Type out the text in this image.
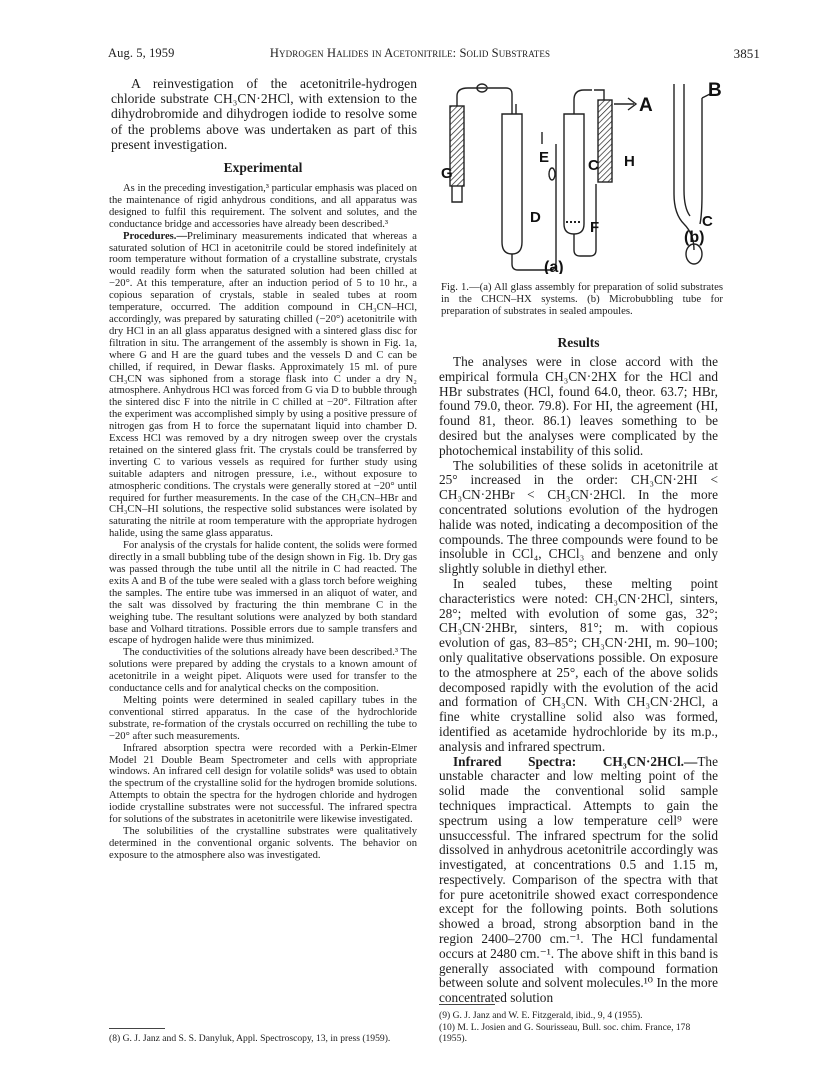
Aug. 5, 1959	Hydrogen Halides in Acetonitrile: Solid Substrates	3851

A reinvestigation of the acetonitrile-hydrogen chloride substrate CH₃CN·2HCl, with extension to the dihydrobromide and dihydrogen iodide to resolve some of the problems above was undertaken as part of this present investigation.

Experimental

As in the preceding investigation,³ particular emphasis was placed on the maintenance of rigid anhydrous conditions, and all apparatus was designed to fulfil this requirement. The solvent and solutes, and the conductance bridge and accessories have already been described.³

Procedures.—Preliminary measurements indicated that whereas a saturated solution of HCl in acetonitrile could be stored indefinitely at room temperature without formation of a crystalline substrate, crystals would readily form when the saturated solution had been chilled at −20°. At this temperature, after an induction period of 5 to 10 hr., a copious separation of crystals, stable in sealed tubes at room temperature, occurred. The addition compound in CH₃CN–HCl, accordingly, was prepared by saturating chilled (−20°) acetonitrile with dry HCl in an all glass apparatus designed with a sintered glass disc for filtration in situ. The arrangement of the assembly is shown in Fig. 1a, where G and H are the guard tubes and the vessels D and C can be chilled, if required, in Dewar flasks. Approximately 15 ml. of pure CH₃CN was siphoned from a storage flask into C under a dry N₂ atmosphere. Anhydrous HCl was forced from G via D to bubble through the sintered disc F into the nitrile in C chilled at −20°. Filtration after the experiment was accomplished simply by using a positive pressure of nitrogen gas from H to force the supernatant liquid into chamber D. Excess HCl was removed by a dry nitrogen sweep over the crystals retained on the sintered glass frit. The crystals could be transferred by inverting C to various vessels as required for further study using suitable adapters and nitrogen pressure, i.e., without exposure to atmospheric conditions. The crystals were generally stored at −20° until required for further measurements. In the case of the CH₃CN–HBr and CH₃CN–HI solutions, the respective solid substances were isolated by saturating the nitrile at room temperature with the appropriate hydrogen halide, using the same glass apparatus.

For analysis of the crystals for halide content, the solids were formed directly in a small bubbling tube of the design shown in Fig. 1b. Dry gas was passed through the tube until all the nitrile in C had reacted. The exits A and B of the tube were sealed with a glass torch before weighing the samples. The entire tube was immersed in an aliquot of water, and the salt was dissolved by fracturing the thin membrane C in the weighing tube. The resultant solutions were analyzed by both standard base and Volhard titrations. Possible errors due to sample transfers and escape of hydrogen halide were thus minimized.

The conductivities of the solutions already have been described.³ The solutions were prepared by adding the crystals to a known amount of acetonitrile in a weight pipet. Aliquots were used for transfer to the conductance cells and for analytical checks on the composition.

Melting points were determined in sealed capillary tubes in the conventional stirred apparatus. In the case of the hydrochloride substrate, re-formation of the crystals occurred on rechilling the tube to −20° after such measurements.

Infrared absorption spectra were recorded with a Perkin-Elmer Model 21 Double Beam Spectrometer and cells with appropriate windows. An infrared cell design for volatile solids⁸ was used to obtain the spectrum of the crystalline solid for the hydrogen bromide solutions. Attempts to obtain the spectra for the hydrogen chloride and hydrogen iodide crystalline substrates were not successful. The infrared spectra for solutions of the substrates in acetonitrile were likewise investigated.

The solubilities of the crystalline substrates were qualitatively determined in the conventional organic solvents. The behavior on exposure to the atmosphere also was investigated.

G
D
E	C
F
H
A
B
C
(a)
(b)
Fig. 1.—(a) All glass assembly for preparation of solid substrates in the CHCN–HX systems. (b) Microbubbling tube for preparation of substrates in sealed ampoules.
Results

The analyses were in close accord with the empirical formula CH₃CN·2HX for the HCl and HBr substrates (HCl, found 64.0, theor. 63.7; HBr, found 79.0, theor. 79.8). For HI, the agreement (HI, found 81, theor. 86.1) leaves something to be desired but the analyses were complicated by the photochemical instability of this solid.

The solubilities of these solids in acetonitrile at 25° increased in the order: CH₃CN·2HI < CH₃CN·2HBr < CH₃CN·2HCl. In the more concentrated solutions evolution of the hydrogen halide was noted, indicating a decomposition of the compounds. The three compounds were found to be insoluble in CCl₄, CHCl₃ and benzene and only slightly soluble in diethyl ether.

In sealed tubes, these melting point characteristics were noted: CH₃CN·2HCl, sinters, 28°; melted with evolution of some gas, 32°; CH₃CN·2HBr, sinters, 81°; m. with copious evolution of gas, 83–85°; CH₃CN·2HI, m. 90–100; only qualitative observations possible. On exposure to the atmosphere at 25°, each of the above solids decomposed rapidly with the evolution of the acid and formation of CH₃CN. With CH₃CN·2HCl, a fine white crystalline solid also was formed, identified as acetamide hydrochloride by its m.p., analysis and infrared spectrum.

Infrared Spectra: CH₃CN·2HCl.—The unstable character and low melting point of the solid made the conventional solid sample techniques impractical. Attempts to gain the spectrum using a low temperature cell⁹ were unsuccessful. The infrared spectrum for the solid dissolved in anhydrous acetonitrile accordingly was investigated, at concentrations 0.5 and 1.15 m, respectively. Comparison of the spectra with that for pure acetonitrile showed exact correspondence except for the following points. Both solutions showed a broad, strong absorption band in the region 2400–2700 cm.⁻¹. The HCl fundamental occurs at 2480 cm.⁻¹. The above shift in this band is generally associated with compound formation between solute and solvent molecules.¹⁰ In the more concentrated solution

(8) G. J. Janz and S. S. Danyluk, Appl. Spectroscopy, 13, in press (1959).
(9) G. J. Janz and W. E. Fitzgerald, ibid., 9, 4 (1955).
(10) M. L. Josien and G. Sourisseau, Bull. soc. chim. France, 178 (1955).
